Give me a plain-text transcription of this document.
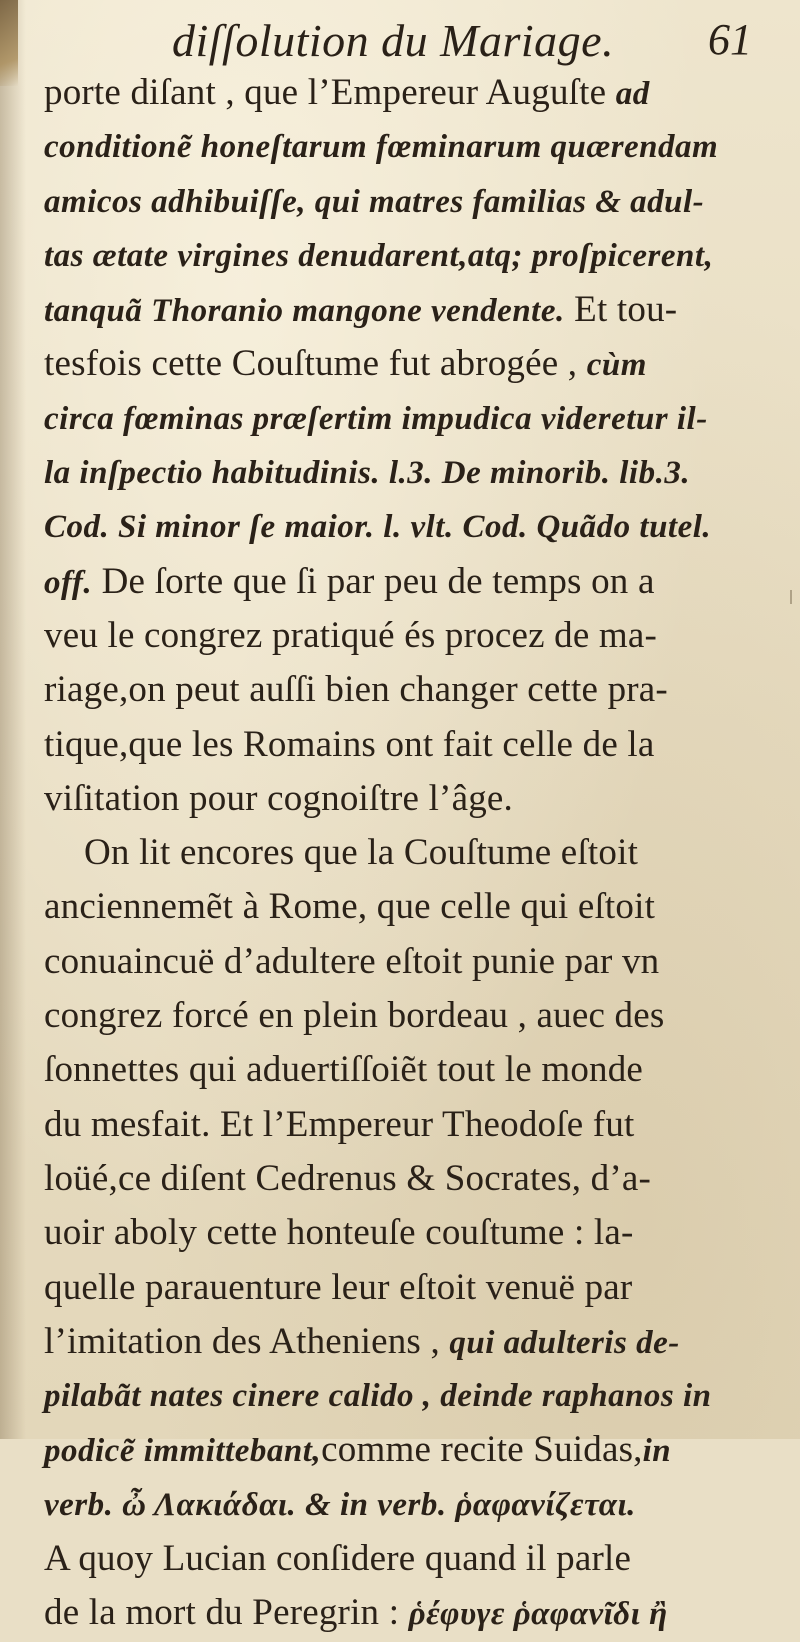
diſſolution du Mariage. 61
porte diſant , que l’Empereur Auguſte ad
conditionẽ honeſtarum fœminarum quærendam
amicos adhibuiſſe, qui matres familias & adul-
tas ætate virgines denudarent,atq; proſpicerent,
tanquã Thoranio mangone vendente. Et tou-
tesfois cette Couſtume fut abrogée , cùm
circa fœminas præſertim impudica videretur il-
la inſpectio habitudinis. l.3. De minorib. lib.3.
Cod. Si minor ſe maior. l. vlt. Cod. Quãdo tutel.
off. De ſorte que ſi par peu de temps on a
veu le congrez pratiqué és procez de ma-
riage,on peut auſſi bien changer cette pra-
tique,que les Romains ont fait celle de la
viſitation pour cognoiſtre l’âge.
On lit encores que la Couſtume eſtoit
anciennemẽt à Rome, que celle qui eſtoit
conuaincuë d’adultere eſtoit punie par vn
congrez forcé en plein bordeau , auec des
ſonnettes qui aduertiſſoiẽt tout le monde
du mesfait. Et l’Empereur Theodoſe fut
loüé,ce diſent Cedrenus & Socrates, d’a-
uoir aboly cette honteuſe couſtume : la-
quelle parauenture leur eſtoit venuë par
l’imitation des Atheniens , qui adulteris de-
pilabãt nates cinere calido , deinde raphanos in
podicẽ immittebant,comme recite Suidas,in
verb. ὦ Λακιάδαι. & in verb. ῥαφανίζεται.
A quoy Lucian conſidere quand il parle
de la mort du Peregrin : ῥέφυγε ῥαφανῖδι ἢ
